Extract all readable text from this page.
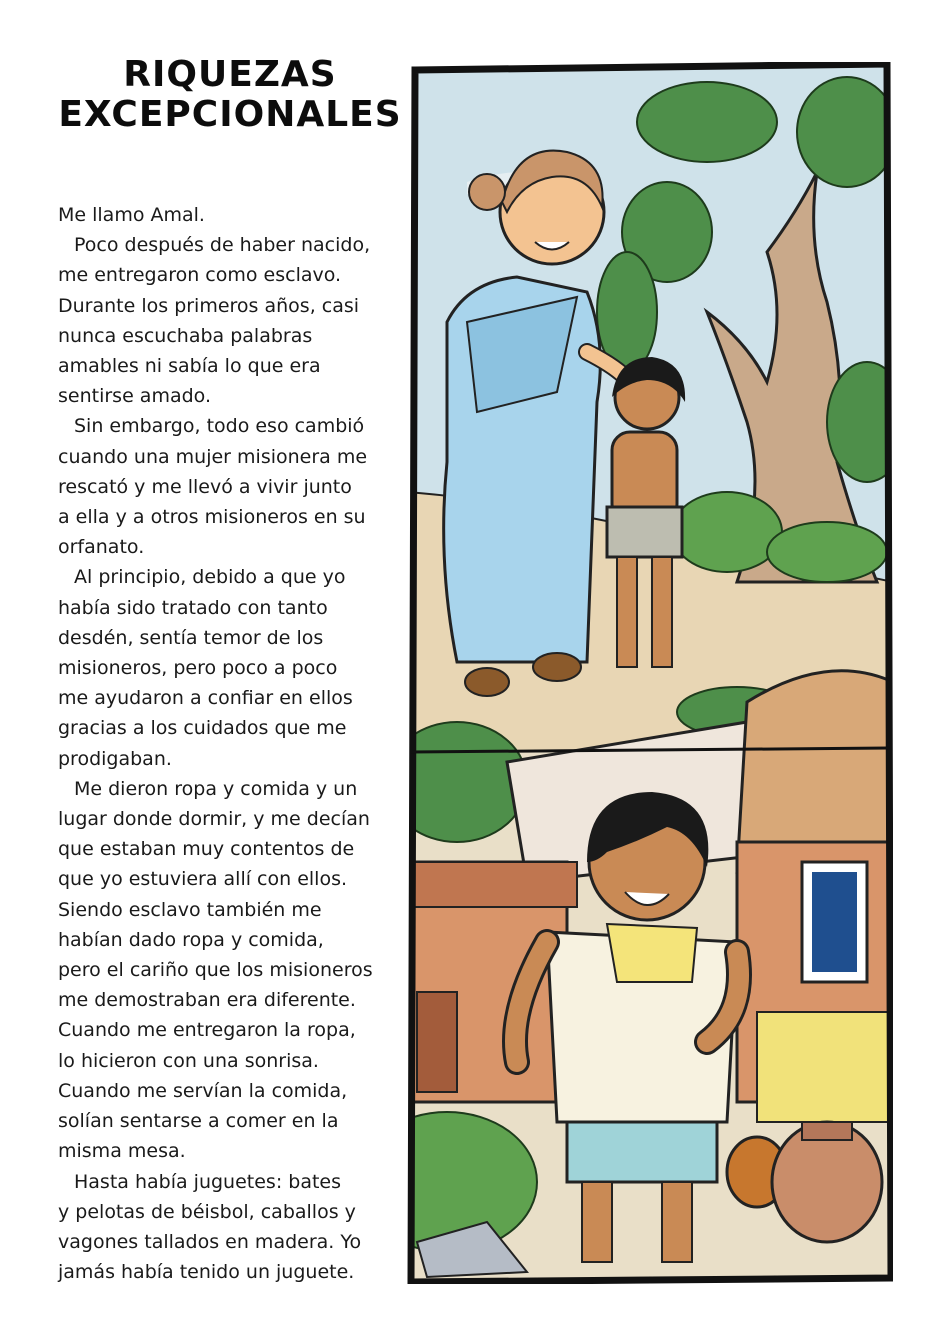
RIQUEZAS
EXCEPCIONALES
Me llamo Amal.
Poco después de haber nacido,
me entregaron como esclavo.
Durante los primeros años, casi
nunca escuchaba palabras
amables ni sabía lo que era
sentirse amado.
Sin embargo, todo eso cambió
cuando una mujer misionera me
rescató y me llevó a vivir junto
a ella y a otros misioneros en su
orfanato.
Al principio, debido a que yo
había sido tratado con tanto
desdén, sentía temor de los
misioneros, pero poco a poco
me ayudaron a confiar en ellos
gracias a los cuidados que me
prodigaban.
Me dieron ropa y comida y un
lugar donde dormir, y me decían
que estaban muy contentos de
que yo estuviera allí con ellos.
Siendo esclavo también me
habían dado ropa y comida,
pero el cariño que los misioneros
me demostraban era diferente.
Cuando me entregaron la ropa,
lo hicieron con una sonrisa.
Cuando me servían la comida,
solían sentarse a comer en la
misma mesa.
Hasta había juguetes: bates
y pelotas de béisbol, caballos y
vagones tallados en madera. Yo
jamás había tenido un juguete.
